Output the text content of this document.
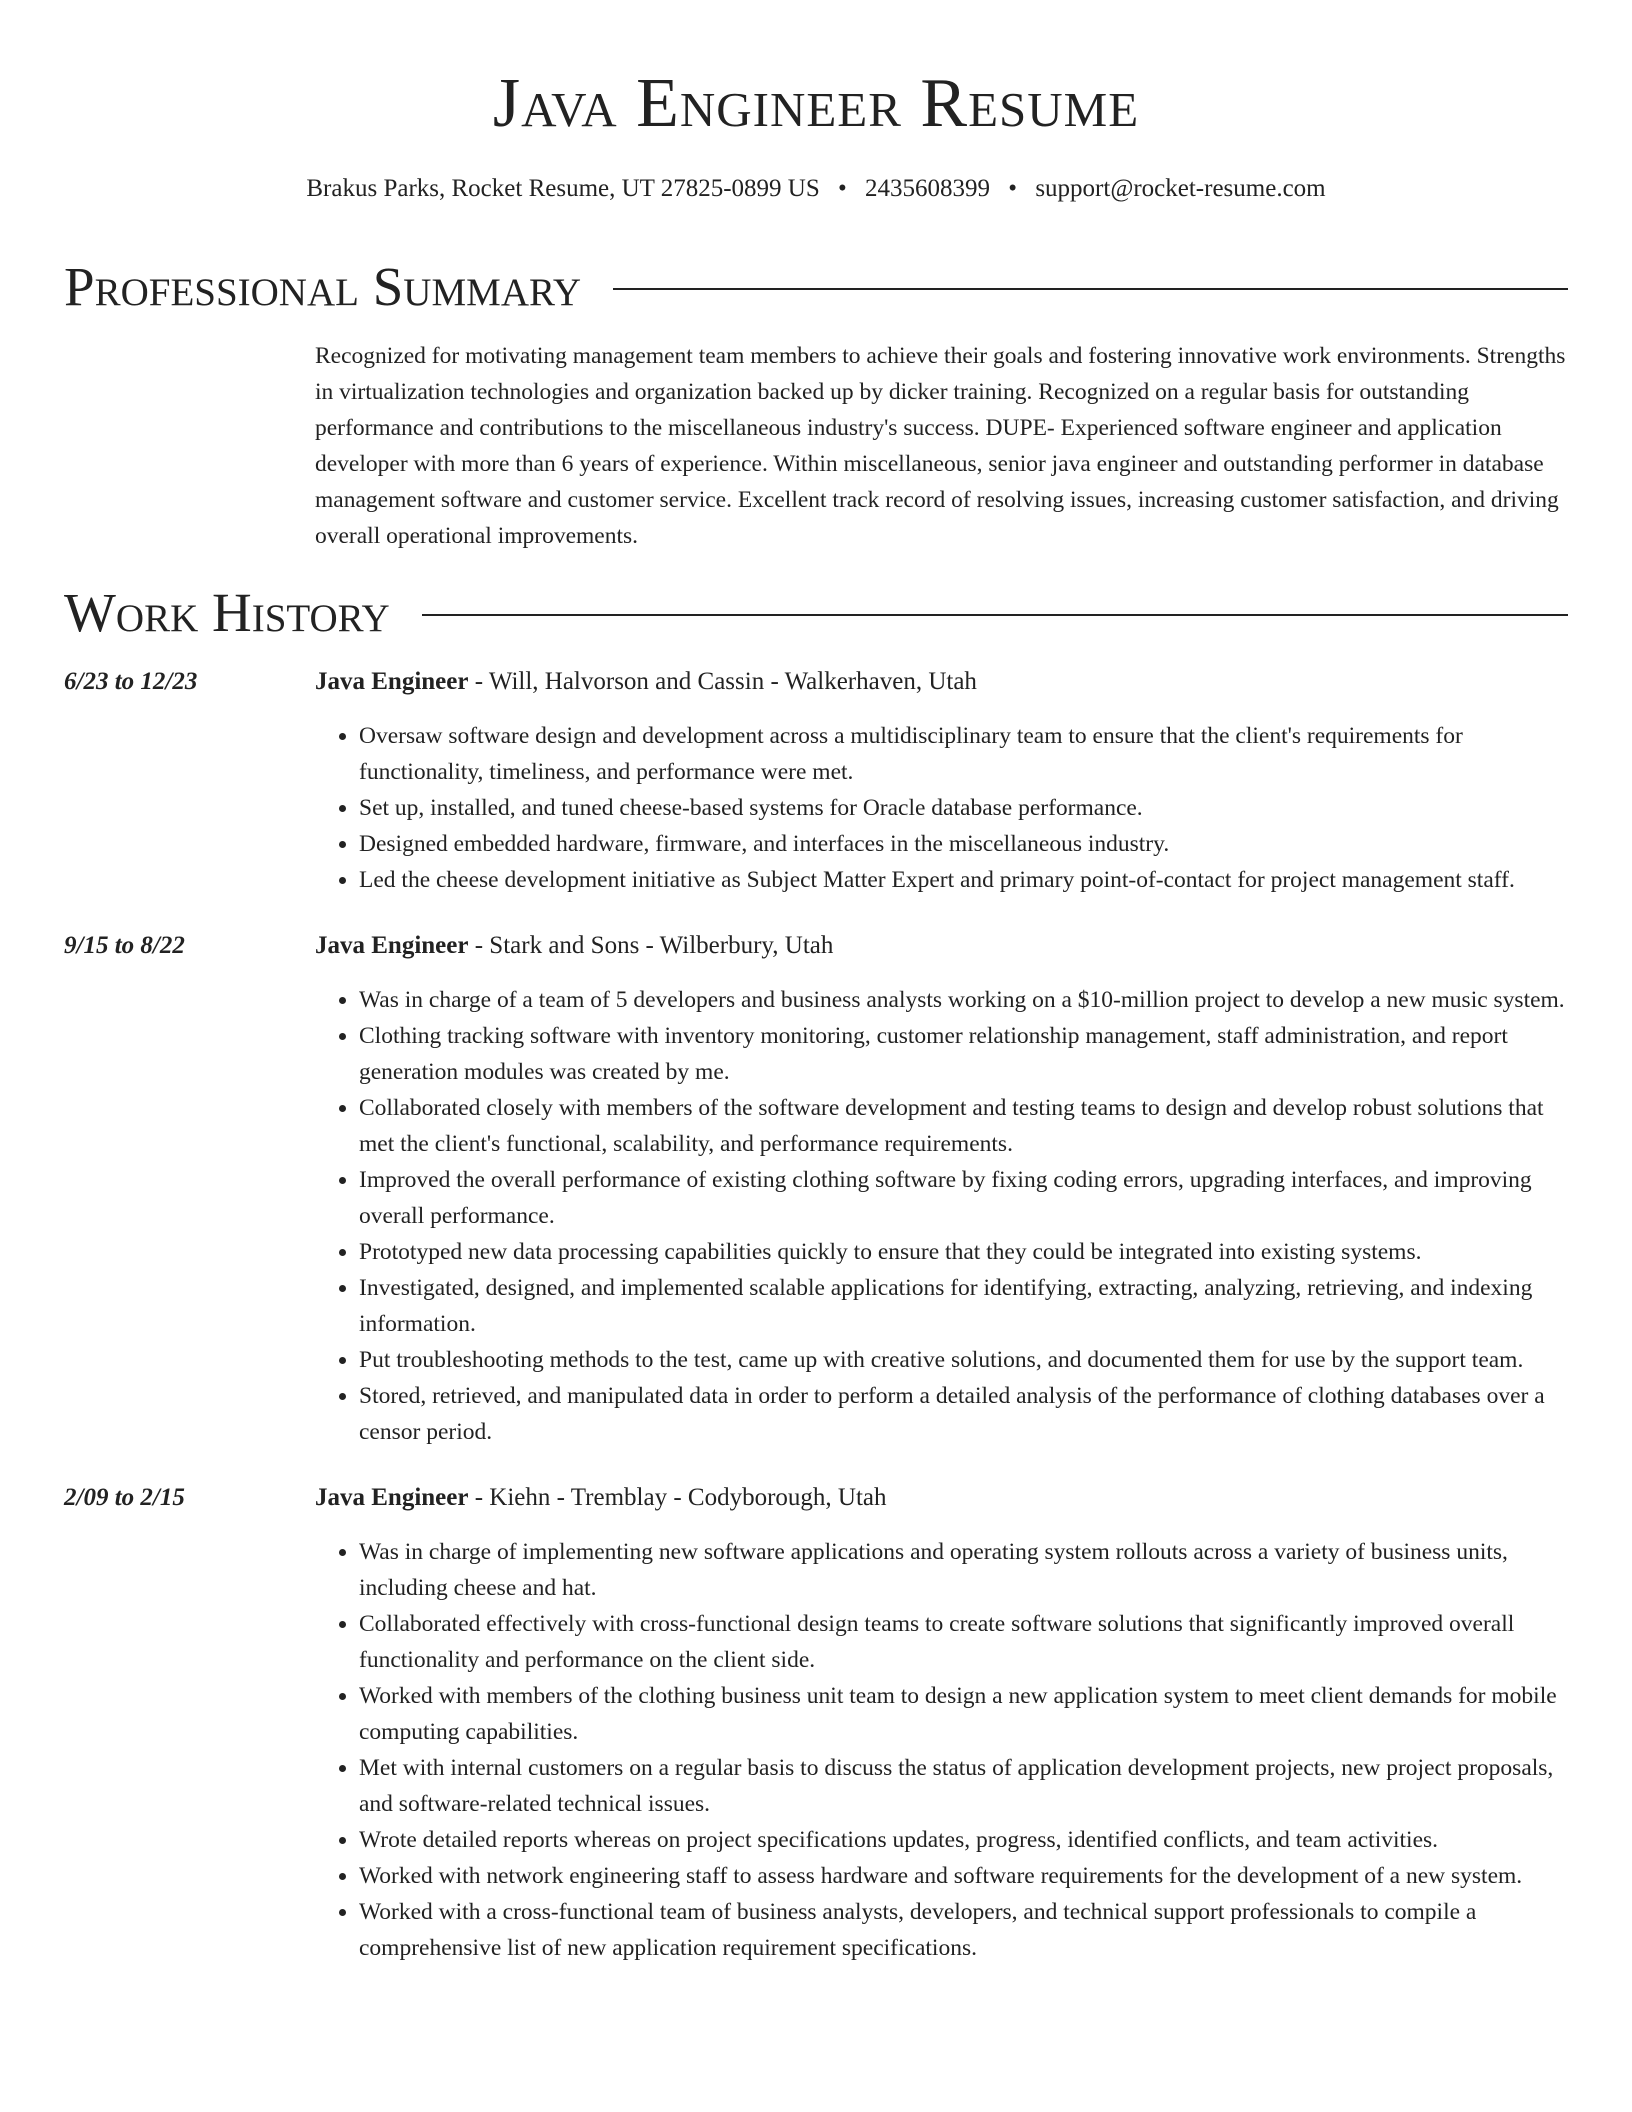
Java Engineer Resume
Brakus Parks, Rocket Resume, UT 27825-0899 US • 2435608399 • support@rocket-resume.com
Professional Summary

Recognized for motivating management team members to achieve their goals and fostering innovative work environments. Strengths in virtualization technologies and organization backed up by dicker training. Recognized on a regular basis for outstanding performance and contributions to the miscellaneous industry's success. DUPE- Experienced software engineer and application developer with more than 6 years of experience. Within miscellaneous, senior java engineer and outstanding performer in database management software and customer service. Excellent track record of resolving issues, increasing customer satisfaction, and driving overall operational improvements.

Work History
6/23 to 12/23	Java Engineer - Will, Halvorson and Cassin - Walkerhaven, Utah
• Oversaw software design and development across a multidisciplinary team to ensure that the client's requirements for functionality, timeliness, and performance were met.
• Set up, installed, and tuned cheese-based systems for Oracle database performance.
• Designed embedded hardware, firmware, and interfaces in the miscellaneous industry.
• Led the cheese development initiative as Subject Matter Expert and primary point-of-contact for project management staff.
9/15 to 8/22	Java Engineer - Stark and Sons - Wilberbury, Utah
• Was in charge of a team of 5 developers and business analysts working on a $10-million project to develop a new music system.
• Clothing tracking software with inventory monitoring, customer relationship management, staff administration, and report generation modules was created by me.
• Collaborated closely with members of the software development and testing teams to design and develop robust solutions that met the client's functional, scalability, and performance requirements.
• Improved the overall performance of existing clothing software by fixing coding errors, upgrading interfaces, and improving overall performance.
• Prototyped new data processing capabilities quickly to ensure that they could be integrated into existing systems.
• Investigated, designed, and implemented scalable applications for identifying, extracting, analyzing, retrieving, and indexing information.
• Put troubleshooting methods to the test, came up with creative solutions, and documented them for use by the support team.
• Stored, retrieved, and manipulated data in order to perform a detailed analysis of the performance of clothing databases over a censor period.
2/09 to 2/15	Java Engineer - Kiehn - Tremblay - Codyborough, Utah
• Was in charge of implementing new software applications and operating system rollouts across a variety of business units, including cheese and hat.
• Collaborated effectively with cross-functional design teams to create software solutions that significantly improved overall functionality and performance on the client side.
• Worked with members of the clothing business unit team to design a new application system to meet client demands for mobile computing capabilities.
• Met with internal customers on a regular basis to discuss the status of application development projects, new project proposals, and software-related technical issues.
• Wrote detailed reports whereas on project specifications updates, progress, identified conflicts, and team activities.
• Worked with network engineering staff to assess hardware and software requirements for the development of a new system.
• Worked with a cross-functional team of business analysts, developers, and technical support professionals to compile a comprehensive list of new application requirement specifications.
